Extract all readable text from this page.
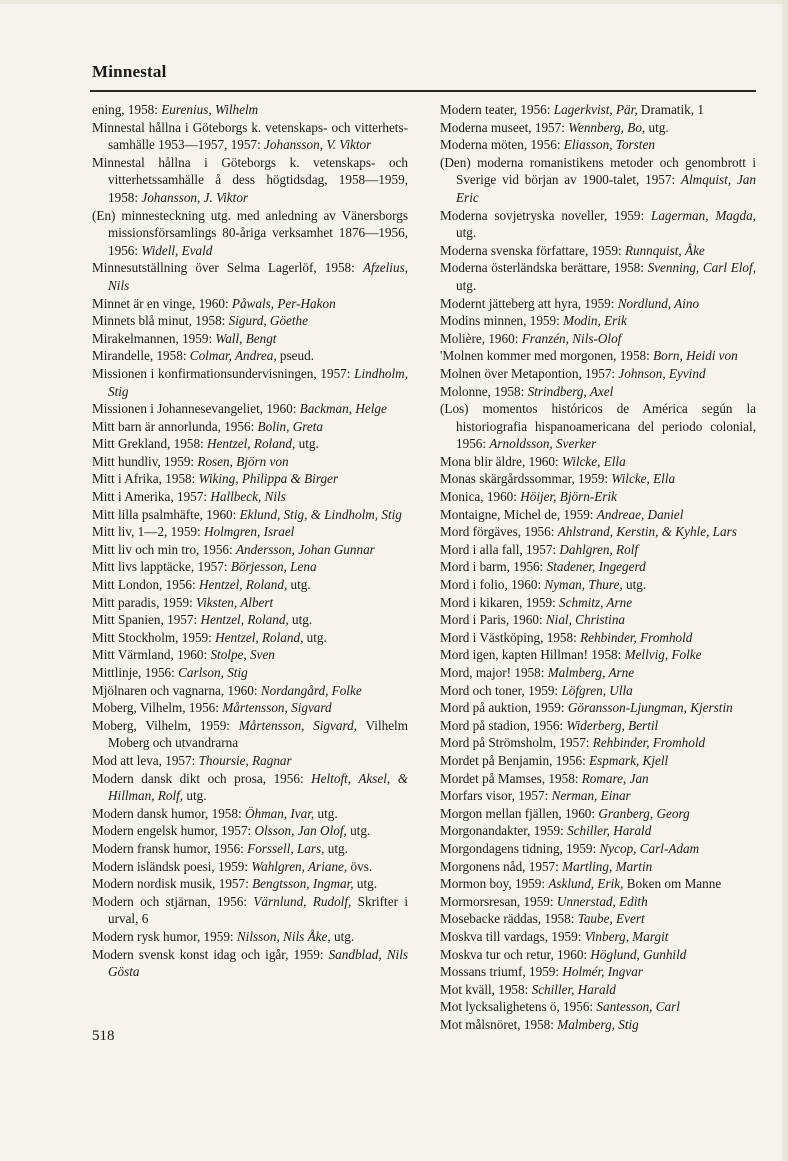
Minnestal
ening, 1958: Eurenius, Wilhelm
Minnestal hållna i Göteborgs k. vetenskaps- och vitterhets-samhälle 1953—1957, 1957: Johansson, V. Viktor
Minnestal hållna i Göteborgs k. vetenskaps- och vitterhetssamhälle å dess högtidsdag, 1958—1959, 1958: Johansson, J. Viktor
(En) minnesteckning utg. med anledning av Vänersborgs missionsförsamlings 80-åriga verksamhet 1876—1956, 1956: Widell, Evald
Minnesutställning över Selma Lagerlöf, 1958: Afzelius, Nils
Minnet är en vinge, 1960: Påwals, Per-Hakon
Minnets blå minut, 1958: Sigurd, Göethe
Mirakelmannen, 1959: Wall, Bengt
Mirandelle, 1958: Colmar, Andrea, pseud.
Missionen i konfirmationsundervisningen, 1957: Lindholm, Stig
Missionen i Johannesevangeliet, 1960: Backman, Helge
Mitt barn är annorlunda, 1956: Bolin, Greta
Mitt Grekland, 1958: Hentzel, Roland, utg.
Mitt hundliv, 1959: Rosen, Björn von
Mitt i Afrika, 1958: Wiking, Philippa & Birger
Mitt i Amerika, 1957: Hallbeck, Nils
Mitt lilla psalmhäfte, 1960: Eklund, Stig, & Lindholm, Stig
Mitt liv, 1—2, 1959: Holmgren, Israel
Mitt liv och min tro, 1956: Andersson, Johan Gunnar
Mitt livs lapptäcke, 1957: Börjesson, Lena
Mitt London, 1956: Hentzel, Roland, utg.
Mitt paradis, 1959: Viksten, Albert
Mitt Spanien, 1957: Hentzel, Roland, utg.
Mitt Stockholm, 1959: Hentzel, Roland, utg.
Mitt Värmland, 1960: Stolpe, Sven
Mittlinje, 1956: Carlson, Stig
Mjölnaren och vagnarna, 1960: Nordangård, Folke
Moberg, Vilhelm, 1956: Mårtensson, Sigvard
Moberg, Vilhelm, 1959: Mårtensson, Sigvard, Vilhelm Moberg och utvandrarna
Mod att leva, 1957: Thoursie, Ragnar
Modern dansk dikt och prosa, 1956: Heltoft, Aksel, & Hillman, Rolf, utg.
Modern dansk humor, 1958: Öhman, Ivar, utg.
Modern engelsk humor, 1957: Olsson, Jan Olof, utg.
Modern fransk humor, 1956: Forssell, Lars, utg.
Modern isländsk poesi, 1959: Wahlgren, Ariane, övs.
Modern nordisk musik, 1957: Bengtsson, Ingmar, utg.
Modern och stjärnan, 1956: Värnlund, Rudolf, Skrifter i urval, 6
Modern rysk humor, 1959: Nilsson, Nils Åke, utg.
Modern svensk konst idag och igår, 1959: Sandblad, Nils Gösta
Modern teater, 1956: Lagerkvist, Pär, Dramatik, 1
Moderna museet, 1957: Wennberg, Bo, utg.
Moderna möten, 1956: Eliasson, Torsten
(Den) moderna romanistikens metoder och genombrott i Sverige vid början av 1900-talet, 1957: Almquist, Jan Eric
Moderna sovjetryska noveller, 1959: Lagerman, Magda, utg.
Moderna svenska författare, 1959: Runnquist, Åke
Moderna österländska berättare, 1958: Svenning, Carl Elof, utg.
Modernt jätteberg att hyra, 1959: Nordlund, Aino
Modins minnen, 1959: Modin, Erik
Molière, 1960: Franzén, Nils-Olof
'Molnen kommer med morgonen, 1958: Born, Heidi von
Molnen över Metapontion, 1957: Johnson, Eyvind
Molonne, 1958: Strindberg, Axel
(Los) momentos históricos de América según la historiografia hispanoamericana del periodo colonial, 1956: Arnoldsson, Sverker
Mona blir äldre, 1960: Wilcke, Ella
Monas skärgårdssommar, 1959: Wilcke, Ella
Monica, 1960: Höijer, Björn-Erik
Montaigne, Michel de, 1959: Andreae, Daniel
Mord förgäves, 1956: Ahlstrand, Kerstin, & Kyhle, Lars
Mord i alla fall, 1957: Dahlgren, Rolf
Mord i barm, 1956: Stadener, Ingegerd
Mord i folio, 1960: Nyman, Thure, utg.
Mord i kikaren, 1959: Schmitz, Arne
Mord i Paris, 1960: Nial, Christina
Mord i Västköping, 1958: Rehbinder, Fromhold
Mord igen, kapten Hillman! 1958: Mellvig, Folke
Mord, major! 1958: Malmberg, Arne
Mord och toner, 1959: Löfgren, Ulla
Mord på auktion, 1959: Göransson-Ljungman, Kjerstin
Mord på stadion, 1956: Widerberg, Bertil
Mord på Strömsholm, 1957: Rehbinder, Fromhold
Mordet på Benjamin, 1956: Espmark, Kjell
Mordet på Mamses, 1958: Romare, Jan
Morfars visor, 1957: Nerman, Einar
Morgon mellan fjällen, 1960: Granberg, Georg
Morgonandakter, 1959: Schiller, Harald
Morgondagens tidning, 1959: Nycop, Carl-Adam
Morgonens nåd, 1957: Martling, Martin
Mormon boy, 1959: Asklund, Erik, Boken om Manne
Mormorsresan, 1959: Unnerstad, Edith
Mosebacke räddas, 1958: Taube, Evert
Moskva till vardags, 1959: Vinberg, Margit
Moskva tur och retur, 1960: Höglund, Gunhild
Mossans triumf, 1959: Holmér, Ingvar
Mot kväll, 1958: Schiller, Harald
Mot lycksalighetens ö, 1956: Santesson, Carl
Mot målsnöret, 1958: Malmberg, Stig
518
